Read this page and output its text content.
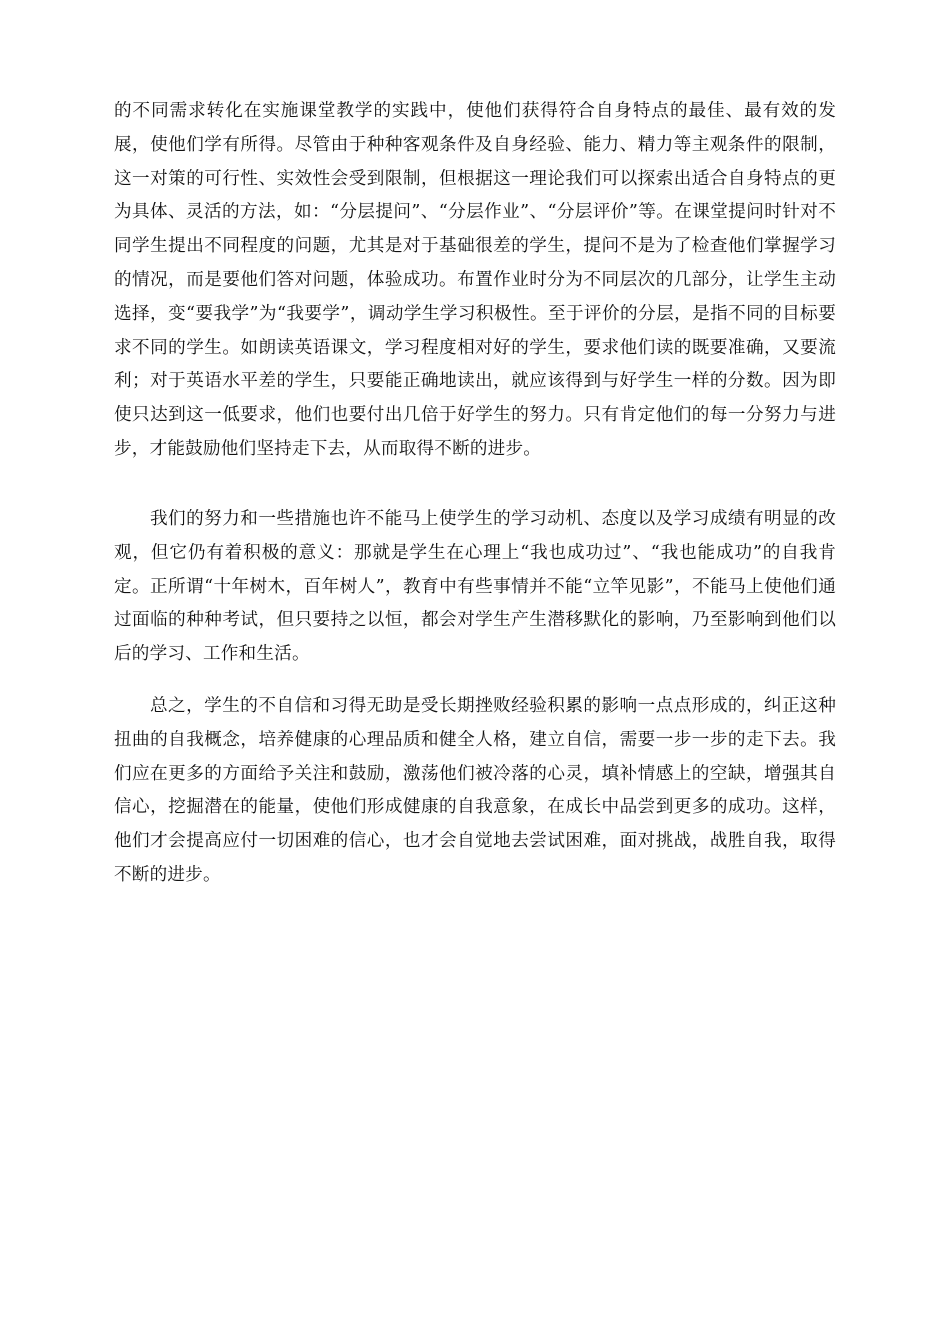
的不同需求转化在实施课堂教学的实践中，使他们获得符合自身特点的最佳、最有效的发展，使他们学有所得。尽管由于种种客观条件及自身经验、能力、精力等主观条件的限制，这一对策的可行性、实效性会受到限制，但根据这一理论我们可以探索出适合自身特点的更为具体、灵活的方法，如：“分层提问”、“分层作业”、“分层评价”等。在课堂提问时针对不同学生提出不同程度的问题，尤其是对于基础很差的学生，提问不是为了检查他们掌握学习的情况，而是要他们答对问题，体验成功。布置作业时分为不同层次的几部分，让学生主动选择，变“要我学”为“我要学”，调动学生学习积极性。至于评价的分层，是指不同的目标要求不同的学生。如朗读英语课文，学习程度相对好的学生，要求他们读的既要准确，又要流利；对于英语水平差的学生，只要能正确地读出，就应该得到与好学生一样的分数。因为即使只达到这一低要求，他们也要付出几倍于好学生的努力。只有肯定他们的每一分努力与进步，才能鼓励他们坚持走下去，从而取得不断的进步。

我们的努力和一些措施也许不能马上使学生的学习动机、态度以及学习成绩有明显的改观，但它仍有着积极的意义：那就是学生在心理上“我也成功过”、“我也能成功”的自我肯定。正所谓“十年树木，百年树人”，教育中有些事情并不能“立竿见影”，不能马上使他们通过面临的种种考试，但只要持之以恒，都会对学生产生潜移默化的影响，乃至影响到他们以后的学习、工作和生活。

总之，学生的不自信和习得无助是受长期挫败经验积累的影响一点点形成的，纠正这种扭曲的自我概念，培养健康的心理品质和健全人格，建立自信，需要一步一步的走下去。我们应在更多的方面给予关注和鼓励，激荡他们被冷落的心灵，填补情感上的空缺，增强其自信心，挖掘潜在的能量，使他们形成健康的自我意象，在成长中品尝到更多的成功。这样，他们才会提高应付一切困难的信心，也才会自觉地去尝试困难，面对挑战，战胜自我，取得不断的进步。
